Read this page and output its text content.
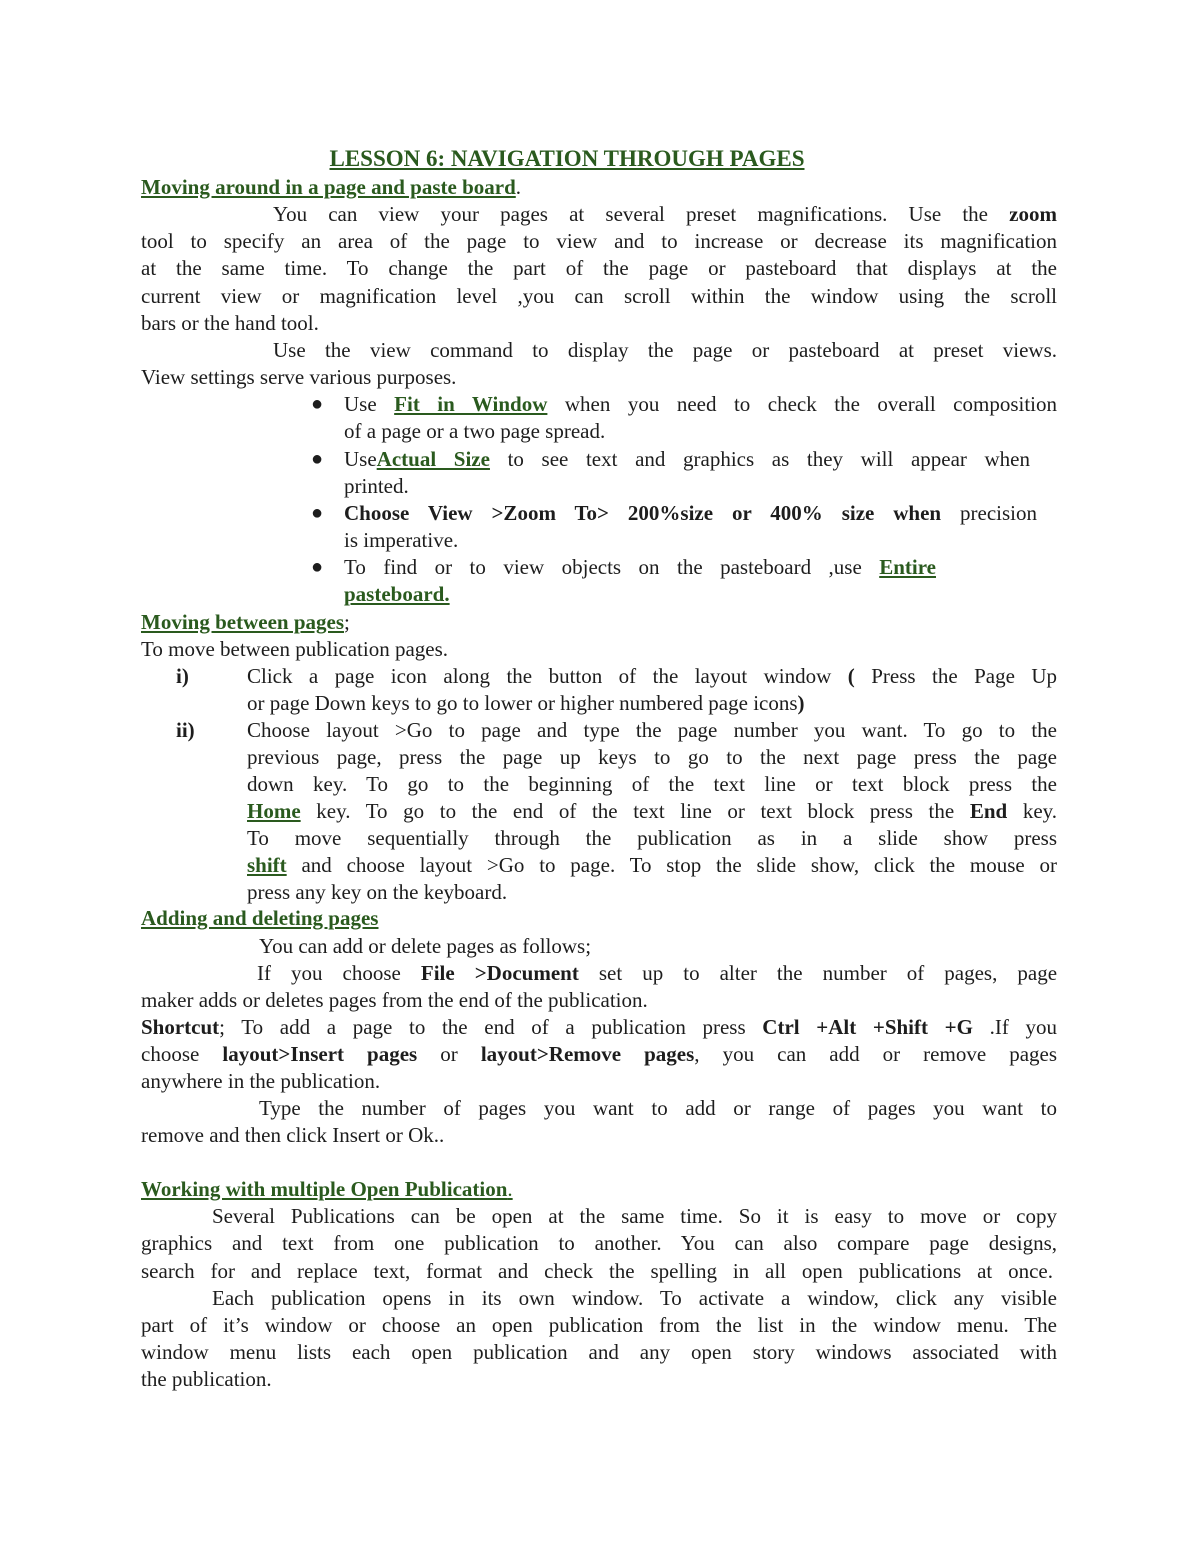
LESSON 6: NAVIGATION THROUGH PAGES
Moving around in a page and paste board.
You can view your pages at several preset magnifications. Use the zoom
tool to specify an area of the page to view and to increase or decrease its magnification
at the same time. To change the part of the page or pasteboard that displays at the
current view or magnification level ,you can scroll within the window using the scroll
bars or the hand tool.
Use the view command to display the page or pasteboard at preset views.
View settings serve various purposes.
● Use Fit in Window when you need to check the overall composition
of a page or a two page spread.
● UseActual Size to see text and graphics as they will appear when
printed.
● Choose View >Zoom To> 200%size or 400% size when precision
is imperative.
● To find or to view objects on the pasteboard ,use Entire
pasteboard.
Moving between pages;
To move between publication pages.
i)	Click a page icon along the button of the layout window ( Press the Page Up
or page Down keys to go to lower or higher numbered page icons)
ii) Choose layout >Go to page and type the page number you want. To go to the
previous page, press the page up keys to go to the next page press the page
down key. To go to the beginning of the text line or text block press the
Home key. To go to the end of the text line or text block press the End key.
To move sequentially through the publication as in a slide show press
shift and choose layout >Go to page. To stop the slide show, click the mouse or
press any key on the keyboard.
Adding and deleting pages
You can add or delete pages as follows;
If you choose File >Document set up to alter the number of pages, page
maker adds or deletes pages from the end of the publication.
Shortcut; To add a page to the end of a publication press Ctrl +Alt +Shift +G .If you
choose layout>Insert pages or layout>Remove pages, you can add or remove pages
anywhere in the publication.
Type the number of pages you want to add or range of pages you want to
remove and then click Insert or Ok..
Working with multiple Open Publication.
Several Publications can be open at the same time. So it is easy to move or copy
graphics and text from one publication to another. You can also compare page designs,
search for and replace text, format and check the spelling in all open publications at once.
Each publication opens in its own window. To activate a window, click any visible
part of it’s window or choose an open publication from the list in the window menu. The
window menu lists each open publication and any open story windows associated with
the publication.
